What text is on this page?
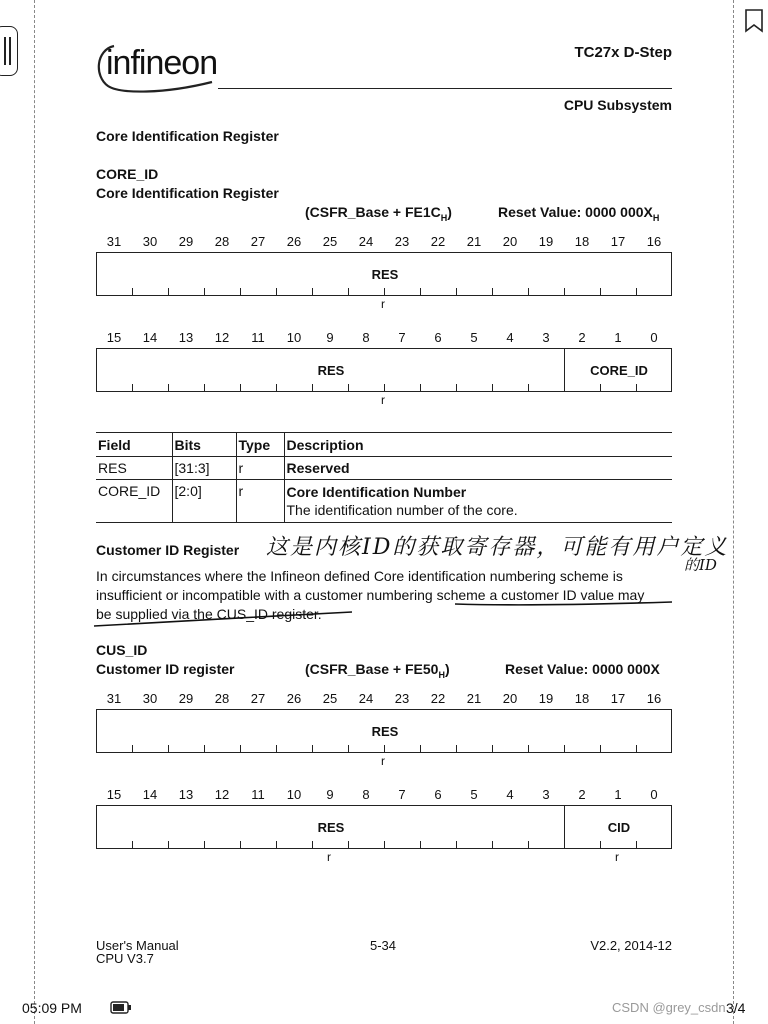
infineon	TC27x D-Step
CPU Subsystem
Core Identification Register
CORE_ID
Core Identification Register
(CSFR_Base + $FE1C_H$)	Reset Value: 0000 $000X_H$
31	30	29	28	27	26	25	24	23	22	21	20	19	18	17	16
RES
r
15	14	13	12	11	10	9	8	7	6	5	4	3	2	1	0
RES	CORE_ID
r
Field	Bits	Type	Description
RES	[31:3]	r	Reserved
CORE_ID	[2:0]	r	Core Identification Number
The identification number of the core.
Customer ID Register 这是内核ID的获取寄存器，可能有用户定义
的ID
In circumstances where the Infineon defined Core identification numbering scheme is
insufficient or incompatible with a customer numbering scheme a customer ID value may
be supplied via the CUS_ID register.
CUS_ID
Customer ID register	(CSFR_Base + $FE50_H$)	Reset Value: 0000 000X
31	30	29	28	27	26	25	24	23	22	21	20	19	18	17	16
RES
r
15	14	13	12	11	10	9	8	7	6	5	4	3	2	1	0
RES	CID
r	r
User's Manual
CPU V3.7
5-34	V2.2, 2014-12
05:09 PM	CSDN @grey_csdn 3/4
